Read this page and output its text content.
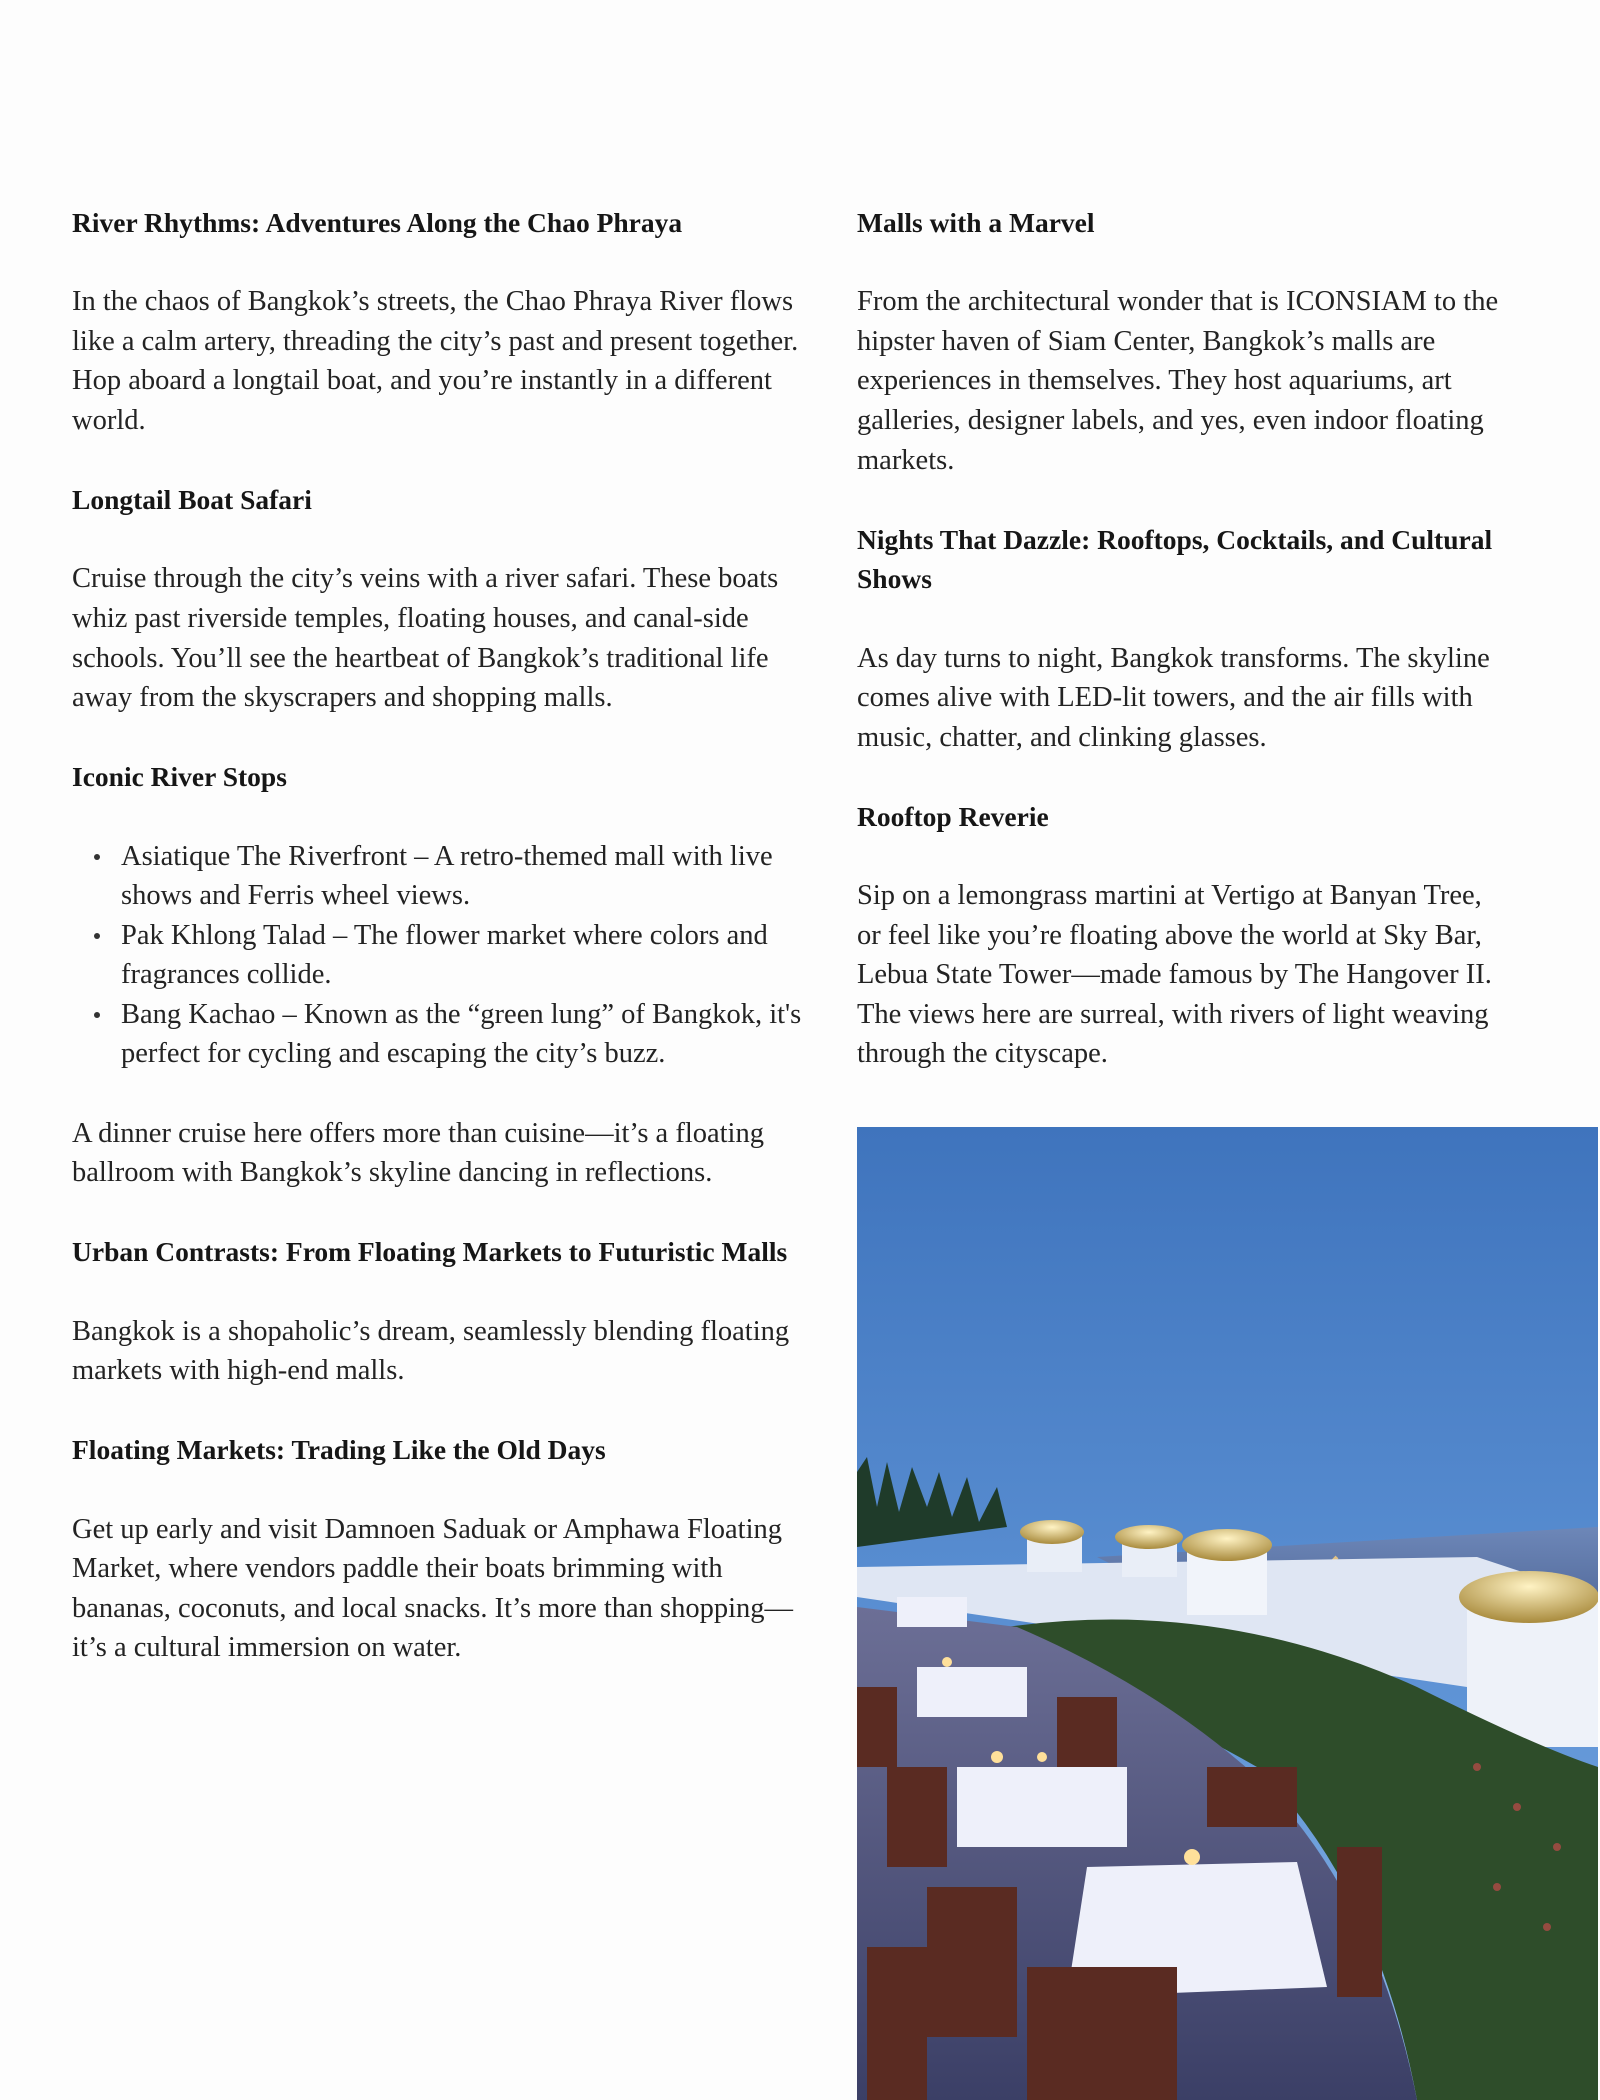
River Rhythms: Adventures Along the Chao Phraya

In the chaos of Bangkok’s streets, the Chao Phraya River flows like a calm artery, threading the city’s past and present together. Hop aboard a longtail boat, and you’re instantly in a different world.

Longtail Boat Safari

Cruise through the city’s veins with a river safari. These boats whiz past riverside temples, floating houses, and canal-side schools. You’ll see the heartbeat of Bangkok’s traditional life away from the skyscrapers and shopping malls.

Iconic River Stops
Asiatique The Riverfront – A retro-themed mall with live shows and Ferris wheel views.
Pak Khlong Talad – The flower market where colors and fragrances collide.
Bang Kachao – Known as the “green lung” of Bangkok, it's perfect for cycling and escaping the city’s buzz.

A dinner cruise here offers more than cuisine—it’s a floating ballroom with Bangkok’s skyline dancing in reflections.

Urban Contrasts: From Floating Markets to Futuristic Malls

Bangkok is a shopaholic’s dream, seamlessly blending floating markets with high-end malls.

Floating Markets: Trading Like the Old Days

Get up early and visit Damnoen Saduak or Amphawa Floating Market, where vendors paddle their boats brimming with bananas, coconuts, and local snacks. It’s more than shopping—it’s a cultural immersion on water.

Malls with a Marvel

From the architectural wonder that is ICONSIAM to the hipster haven of Siam Center, Bangkok’s malls are experiences in themselves. They host aquariums, art galleries, designer labels, and yes, even indoor floating markets.

Nights That Dazzle: Rooftops, Cocktails, and Cultural Shows

As day turns to night, Bangkok transforms. The skyline comes alive with LED-lit towers, and the air fills with music, chatter, and clinking glasses.

Rooftop Reverie

Sip on a lemongrass martini at Vertigo at Banyan Tree, or feel like you’re floating above the world at Sky Bar, Lebua State Tower—made famous by The Hangover II. The views here are surreal, with rivers of light weaving through the cityscape.
